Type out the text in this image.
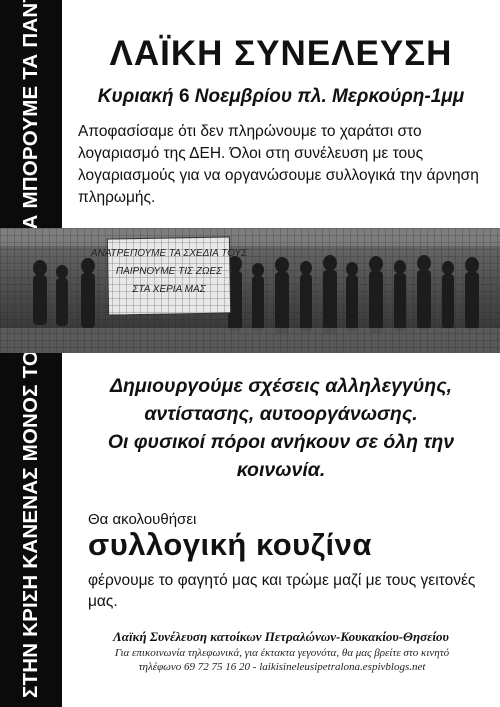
ΛΑΪΚΗ ΣΥΝΕΛΕΥΣΗ
Κυριακή 6 Νοεμβρίου πλ. Μερκούρη-1μμ

Αποφασίσαμε ότι δεν πληρώνουμε το χαράτσι στο λογαριασμό της ΔΕΗ. Όλοι στη συνέλευση με τους λογαριασμούς για να οργανώσουμε συλλογικά την άρνηση πληρωμής.

Δημιουργούμε σχέσεις αλληλεγγύης,
αντίστασης, αυτοοργάνωσης.
Οι φυσικοί πόροι ανήκουν σε όλη την
κοινωνία.
Θα ακολουθήσει
συλλογική κουζίνα
φέρνουμε το φαγητό μας και τρώμε μαζί με τους γειτονές μας.
Λαϊκή Συνέλευση κατοίκων Πετραλώνων-Κουκακίου-Θησείου
Για επικοινωνία τηλεφωνικά, για έκτακτα γεγονότα, θα μας βρείτε στο κινητό
τηλέφωνο 69 72 75 16 20 - laikisineleusipetralona.espivblogs.net
